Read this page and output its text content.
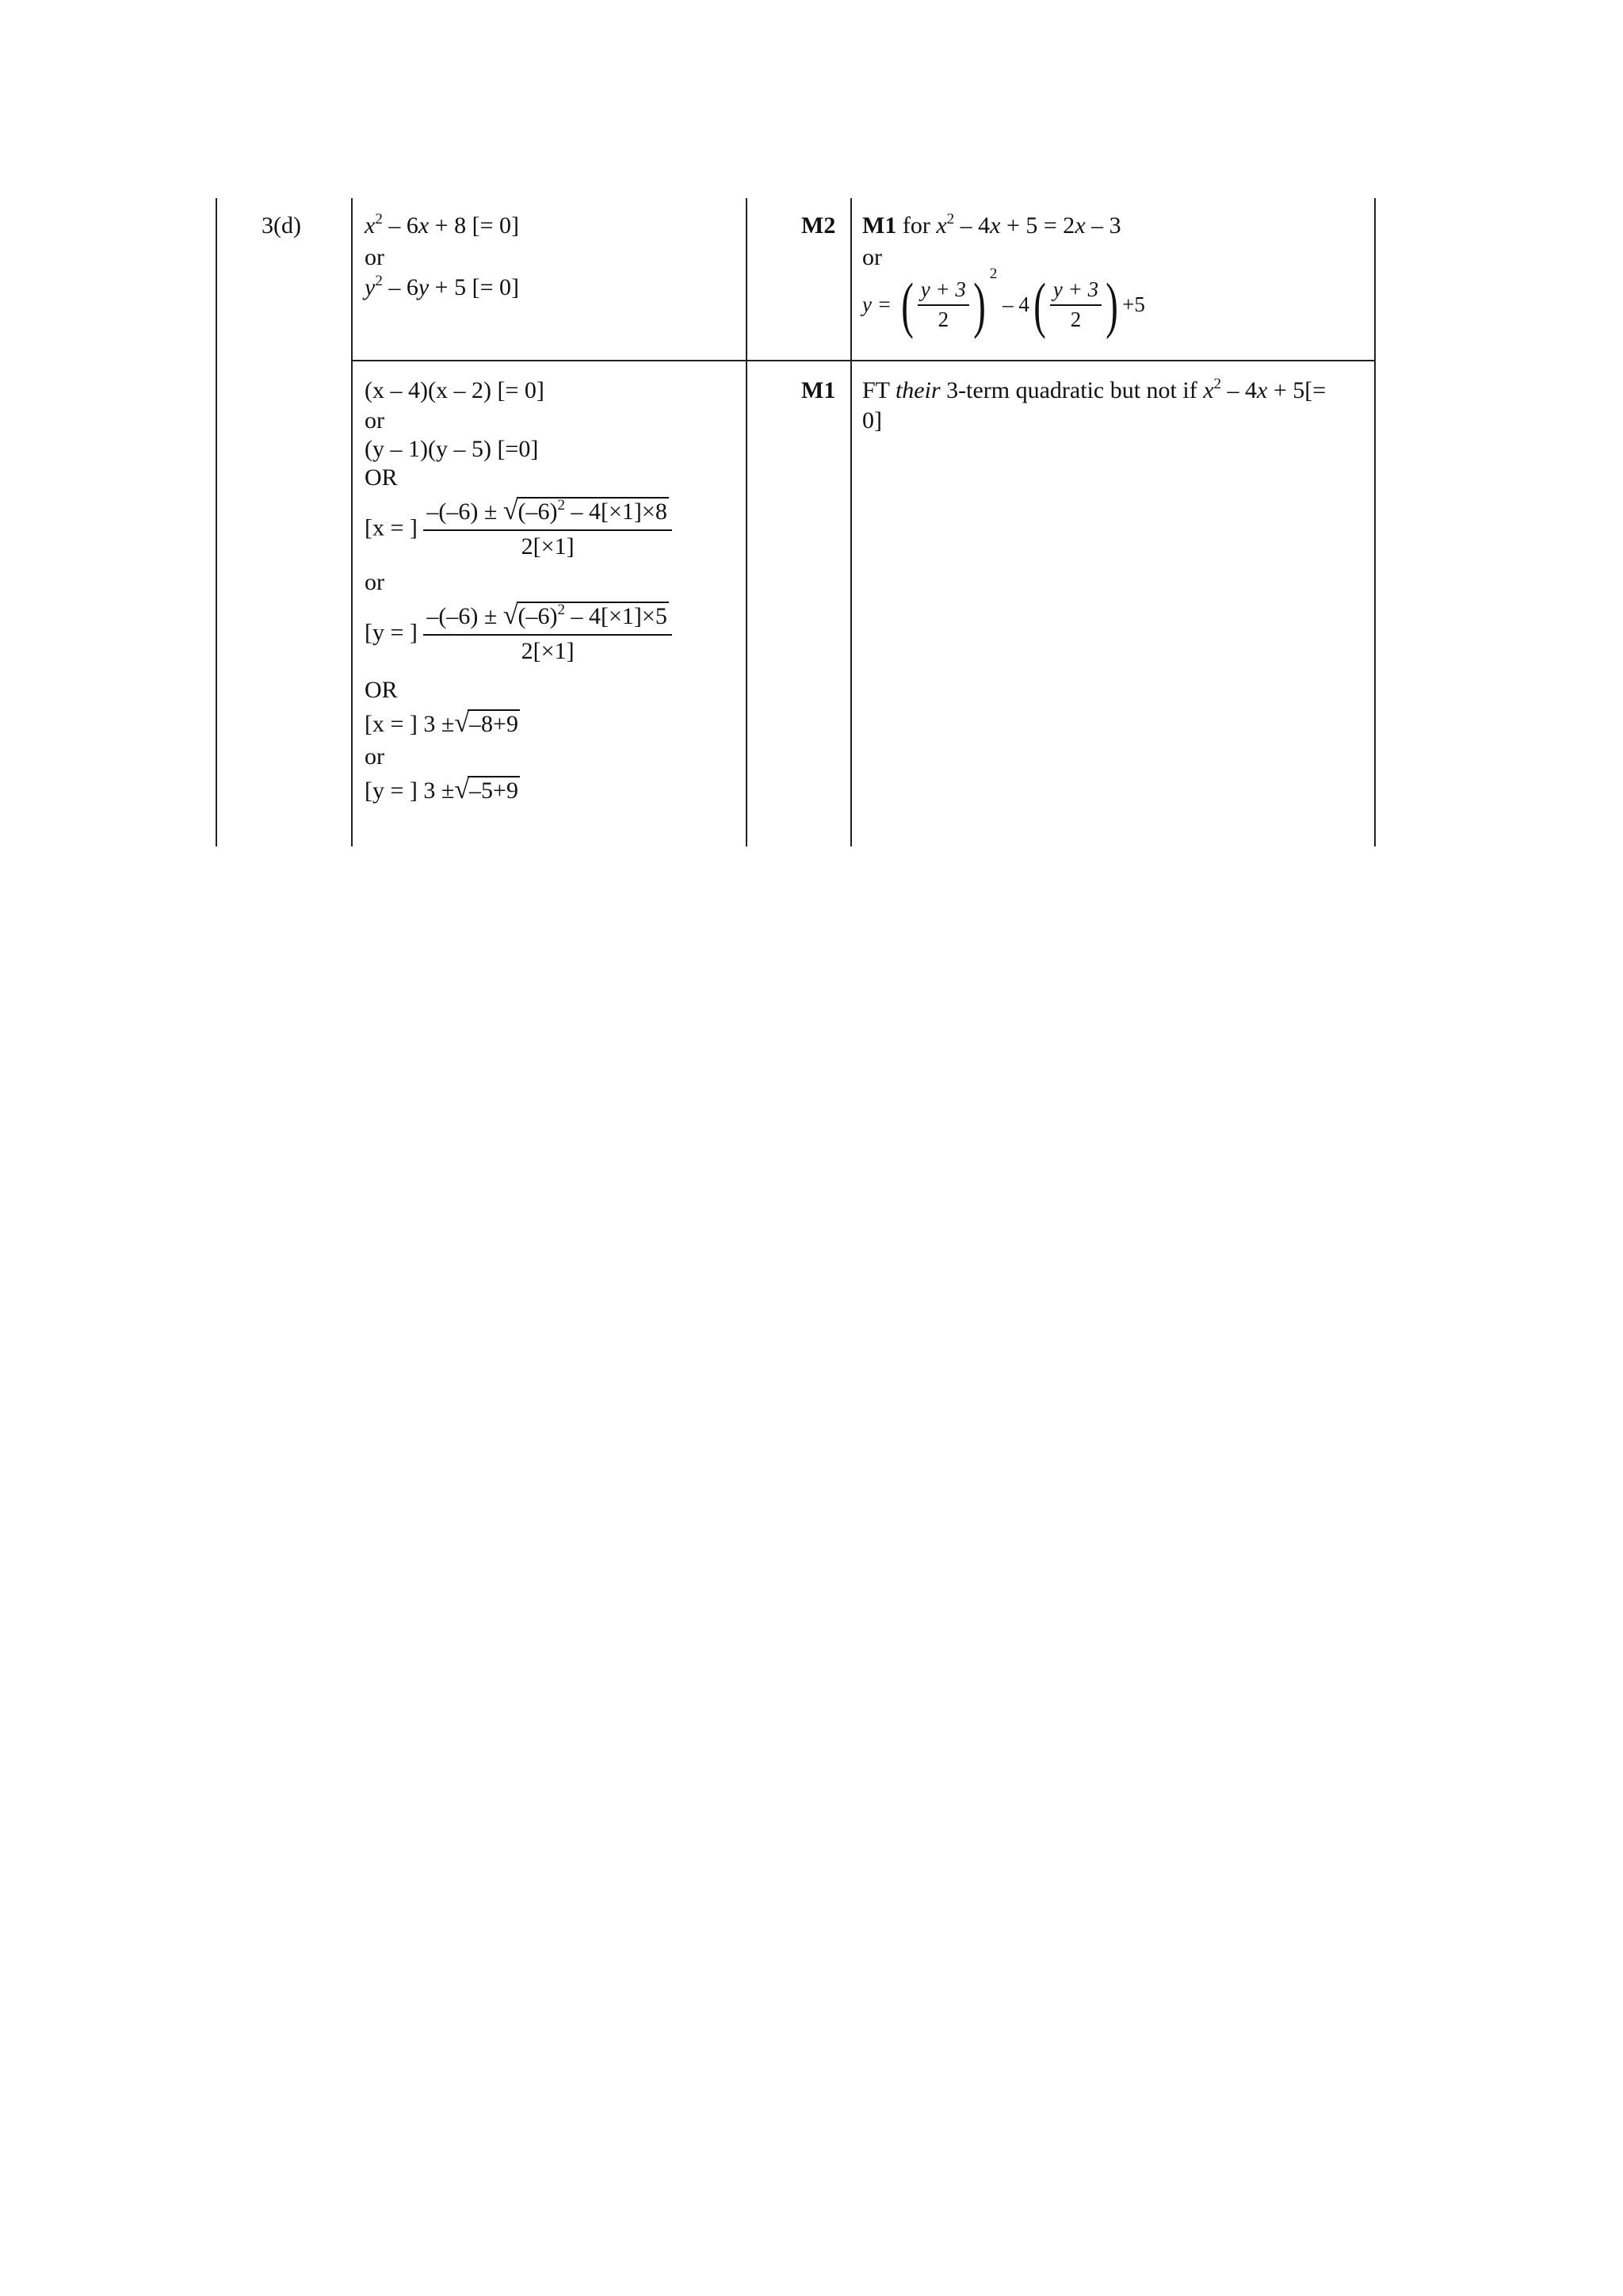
3(d)	$x^2 - 6x + 8$ [= 0]
or
$y^2 - 6y + 5$ [= 0]
M2 M1 for $x^2 - 4x + 5 = 2x - 3$
or
y = ( $\frac{y + 3}{2}$ ) $^2 - 4( \frac{y + 3}{2}$ ) +5
(x – 4)(x – 2) [= 0]
or
(y – 1)(y – 5) [=0]
OR
[x = ] $\frac{-(-6) \pm √(-6)^2 - 4[\times 1]\times 8}{2[\times 1]}$
or
[y = ] $\frac{-(-6) \pm √(-6)^2 - 4[\times 1]\times 5}{2[\times 1]}$
OR
[x = ] 3 ±√–8+9
or
[y = ] 3 ±√–5+9
M1 FT their 3-term quadratic but not if $x^2 - 4x + 5[=$
0]
